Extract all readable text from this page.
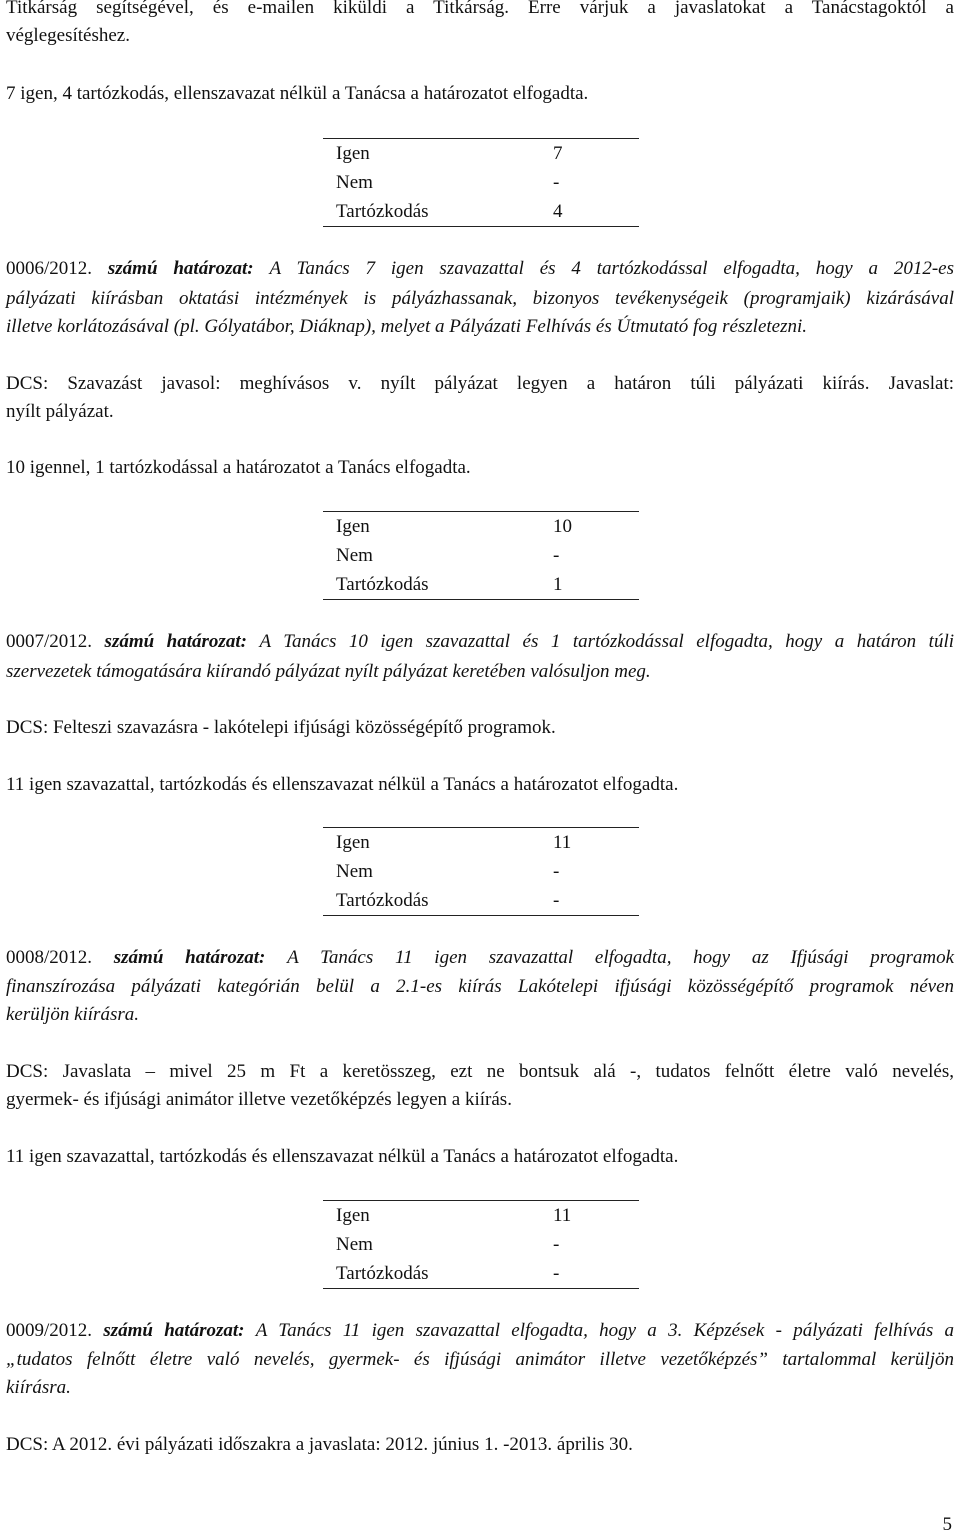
Titkárság segítségével, és e-mailen kiküldi a Titkárság. Erre várjuk a javaslatokat a Tanácstagoktól a

véglegesítéshez.

7 igen, 4 tartózkodás, ellenszavazat nélkül a Tanácsa a határozatot elfogadta.

Igen	7
Nem	-
Tartózkodás	4

0006/2012. számú határozat: A Tanács 7 igen szavazattal és 4 tartózkodással elfogadta, hogy a 2012-es

pályázati kiírásban oktatási intézmények is pályázhassanak, bizonyos tevékenységeik (programjaik) kizárásával

illetve korlátozásával (pl. Gólyatábor, Diáknap), melyet a Pályázati Felhívás és Útmutató fog részletezni.

DCS: Szavazást javasol: meghívásos v. nyílt pályázat legyen a határon túli pályázati kiírás. Javaslat:

nyílt pályázat.

10 igennel, 1 tartózkodással a határozatot a Tanács elfogadta.

Igen	10
Nem	-
Tartózkodás	1

0007/2012. számú határozat: A Tanács 10 igen szavazattal és 1 tartózkodással elfogadta, hogy a határon túli

szervezetek támogatására kiírandó pályázat nyílt pályázat keretében valósuljon meg.

DCS: Felteszi szavazásra - lakótelepi ifjúsági közösségépítő programok.

11 igen szavazattal, tartózkodás és ellenszavazat nélkül a Tanács a határozatot elfogadta.

Igen	11
Nem	-
Tartózkodás	-

0008/2012. számú határozat: A Tanács 11 igen szavazattal elfogadta, hogy az Ifjúsági programok

finanszírozása pályázati kategórián belül a 2.1-es kiírás Lakótelepi ifjúsági közösségépítő programok néven

kerüljön kiírásra.

DCS: Javaslata – mivel 25 m Ft a keretösszeg, ezt ne bontsuk alá -, tudatos felnőtt életre való nevelés,

gyermek- és ifjúsági animátor illetve vezetőképzés legyen a kiírás.

11 igen szavazattal, tartózkodás és ellenszavazat nélkül a Tanács a határozatot elfogadta.

Igen	11
Nem	-
Tartózkodás	-

0009/2012. számú határozat: A Tanács 11 igen szavazattal elfogadta, hogy a 3. Képzések - pályázati felhívás a

„tudatos felnőtt életre való nevelés, gyermek- és ifjúsági animátor illetve vezetőképzés” tartalommal kerüljön

kiírásra.

DCS: A 2012. évi pályázati időszakra a javaslata: 2012. június 1. -2013. április 30.

5
